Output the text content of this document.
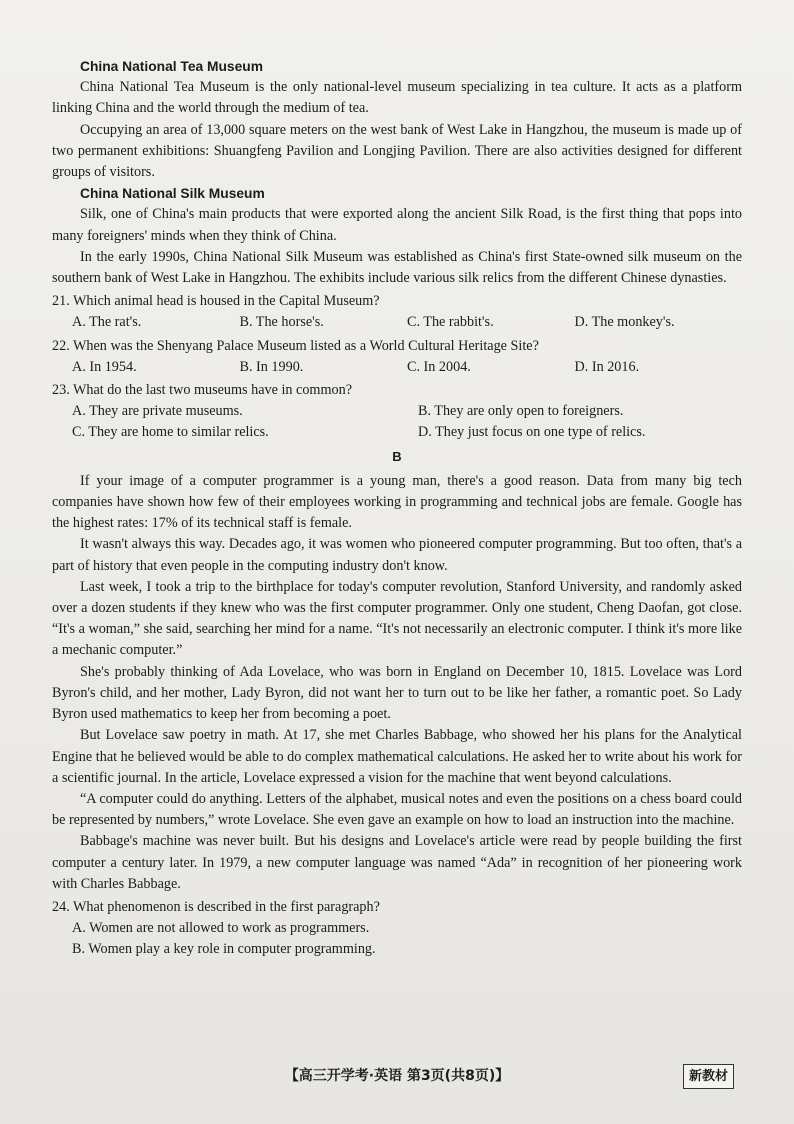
China National Tea Museum

China National Tea Museum is the only national-level museum specializing in tea culture. It acts as a platform linking China and the world through the medium of tea.

Occupying an area of 13,000 square meters on the west bank of West Lake in Hangzhou, the museum is made up of two permanent exhibitions: Shuangfeng Pavilion and Longjing Pavilion. There are also activities designed for different groups of visitors.

China National Silk Museum

Silk, one of China's main products that were exported along the ancient Silk Road, is the first thing that pops into many foreigners' minds when they think of China.

In the early 1990s, China National Silk Museum was established as China's first State-owned silk museum on the southern bank of West Lake in Hangzhou. The exhibits include various silk relics from the different Chinese dynasties.

21. Which animal head is housed in the Capital Museum?
A. The rat's.	B. The horse's.	C. The rabbit's.	D. The monkey's.
22. When was the Shenyang Palace Museum listed as a World Cultural Heritage Site?
A. In 1954.	B. In 1990.	C. In 2004.	D. In 2016.
23. What do the last two museums have in common?
A. They are private museums.	B. They are only open to foreigners.
C. They are home to similar relics.	D. They just focus on one type of relics.
B

If your image of a computer programmer is a young man, there's a good reason. Data from many big tech companies have shown how few of their employees working in programming and technical jobs are female. Google has the highest rates: 17% of its technical staff is female.

It wasn't always this way. Decades ago, it was women who pioneered computer programming. But too often, that's a part of history that even people in the computing industry don't know.

Last week, I took a trip to the birthplace for today's computer revolution, Stanford University, and randomly asked over a dozen students if they knew who was the first computer programmer. Only one student, Cheng Daofan, got close. “It's a woman,” she said, searching her mind for a name. “It's not necessarily an electronic computer. I think it's more like a mechanic computer.”

She's probably thinking of Ada Lovelace, who was born in England on December 10, 1815. Lovelace was Lord Byron's child, and her mother, Lady Byron, did not want her to turn out to be like her father, a romantic poet. So Lady Byron used mathematics to keep her from becoming a poet.

But Lovelace saw poetry in math. At 17, she met Charles Babbage, who showed her his plans for the Analytical Engine that he believed would be able to do complex mathematical calculations. He asked her to write about his work for a scientific journal. In the article, Lovelace expressed a vision for the machine that went beyond calculations.

“A computer could do anything. Letters of the alphabet, musical notes and even the positions on a chess board could be represented by numbers,” wrote Lovelace. She even gave an example on how to load an instruction into the machine.

Babbage's machine was never built. But his designs and Lovelace's article were read by people building the first computer a century later. In 1979, a new computer language was named “Ada” in recognition of her pioneering work with Charles Babbage.

24. What phenomenon is described in the first paragraph?
A. Women are not allowed to work as programmers.
B. Women play a key role in computer programming.
【高三开学考·英语 第3页(共8页)】	新教材
